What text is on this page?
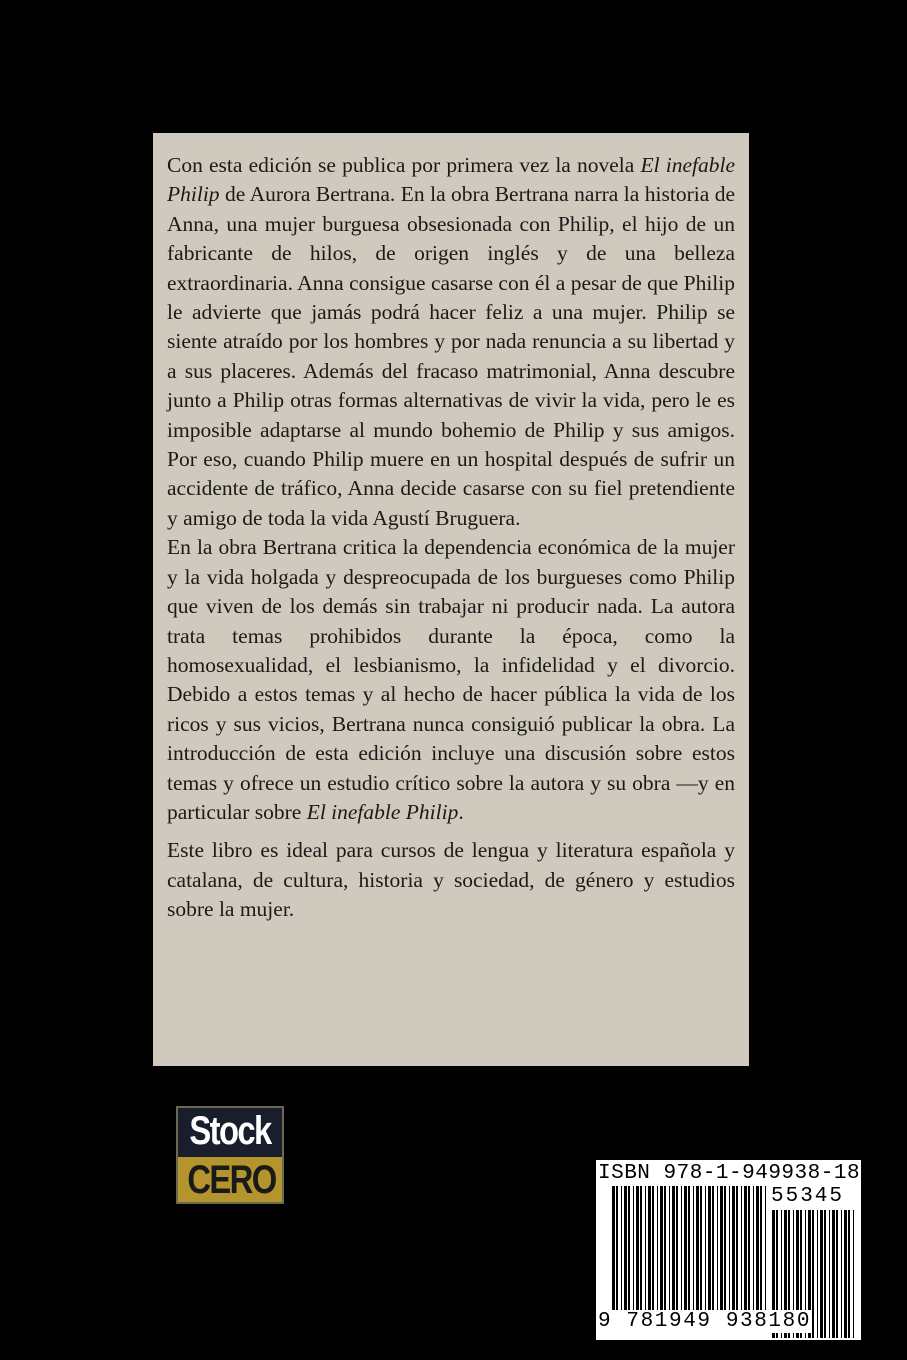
Con esta edición se publica por primera vez la novela El inefable Philip de Aurora Bertrana. En la obra Bertrana narra la historia de Anna, una mujer burguesa obsesionada con Philip, el hijo de un fabricante de hilos, de origen inglés y de una belleza extraordinaria. Anna consigue casarse con él a pesar de que Philip le advierte que jamás podrá hacer feliz a una mujer. Philip se siente atraído por los hombres y por nada renuncia a su libertad y a sus placeres. Además del fracaso matrimonial, Anna descubre junto a Philip otras formas alternativas de vivir la vida, pero le es imposible adaptarse al mundo bohemio de Philip y sus amigos. Por eso, cuando Philip muere en un hospital después de sufrir un accidente de tráfico, Anna decide casarse con su fiel pretendiente y amigo de toda la vida Agustí Bruguera.

En la obra Bertrana critica la dependencia económica de la mujer y la vida holgada y despreocupada de los burgueses como Philip que viven de los demás sin trabajar ni producir nada. La autora trata temas prohibidos durante la época, como la homosexualidad, el lesbianismo, la infidelidad y el divorcio. Debido a estos temas y al hecho de hacer pública la vida de los ricos y sus vicios, Bertrana nunca consiguió publicar la obra. La introducción de esta edición incluye una discusión sobre estos temas y ofrece un estudio crítico sobre la autora y su obra —y en particular sobre El inefable Philip.

Este libro es ideal para cursos de lengua y literatura española y catalana, de cultura, historia y sociedad, de género y estudios sobre la mujer.

Stock
CERO	ISBN 978-1-949938-18-0
55345
9 781949 938180
